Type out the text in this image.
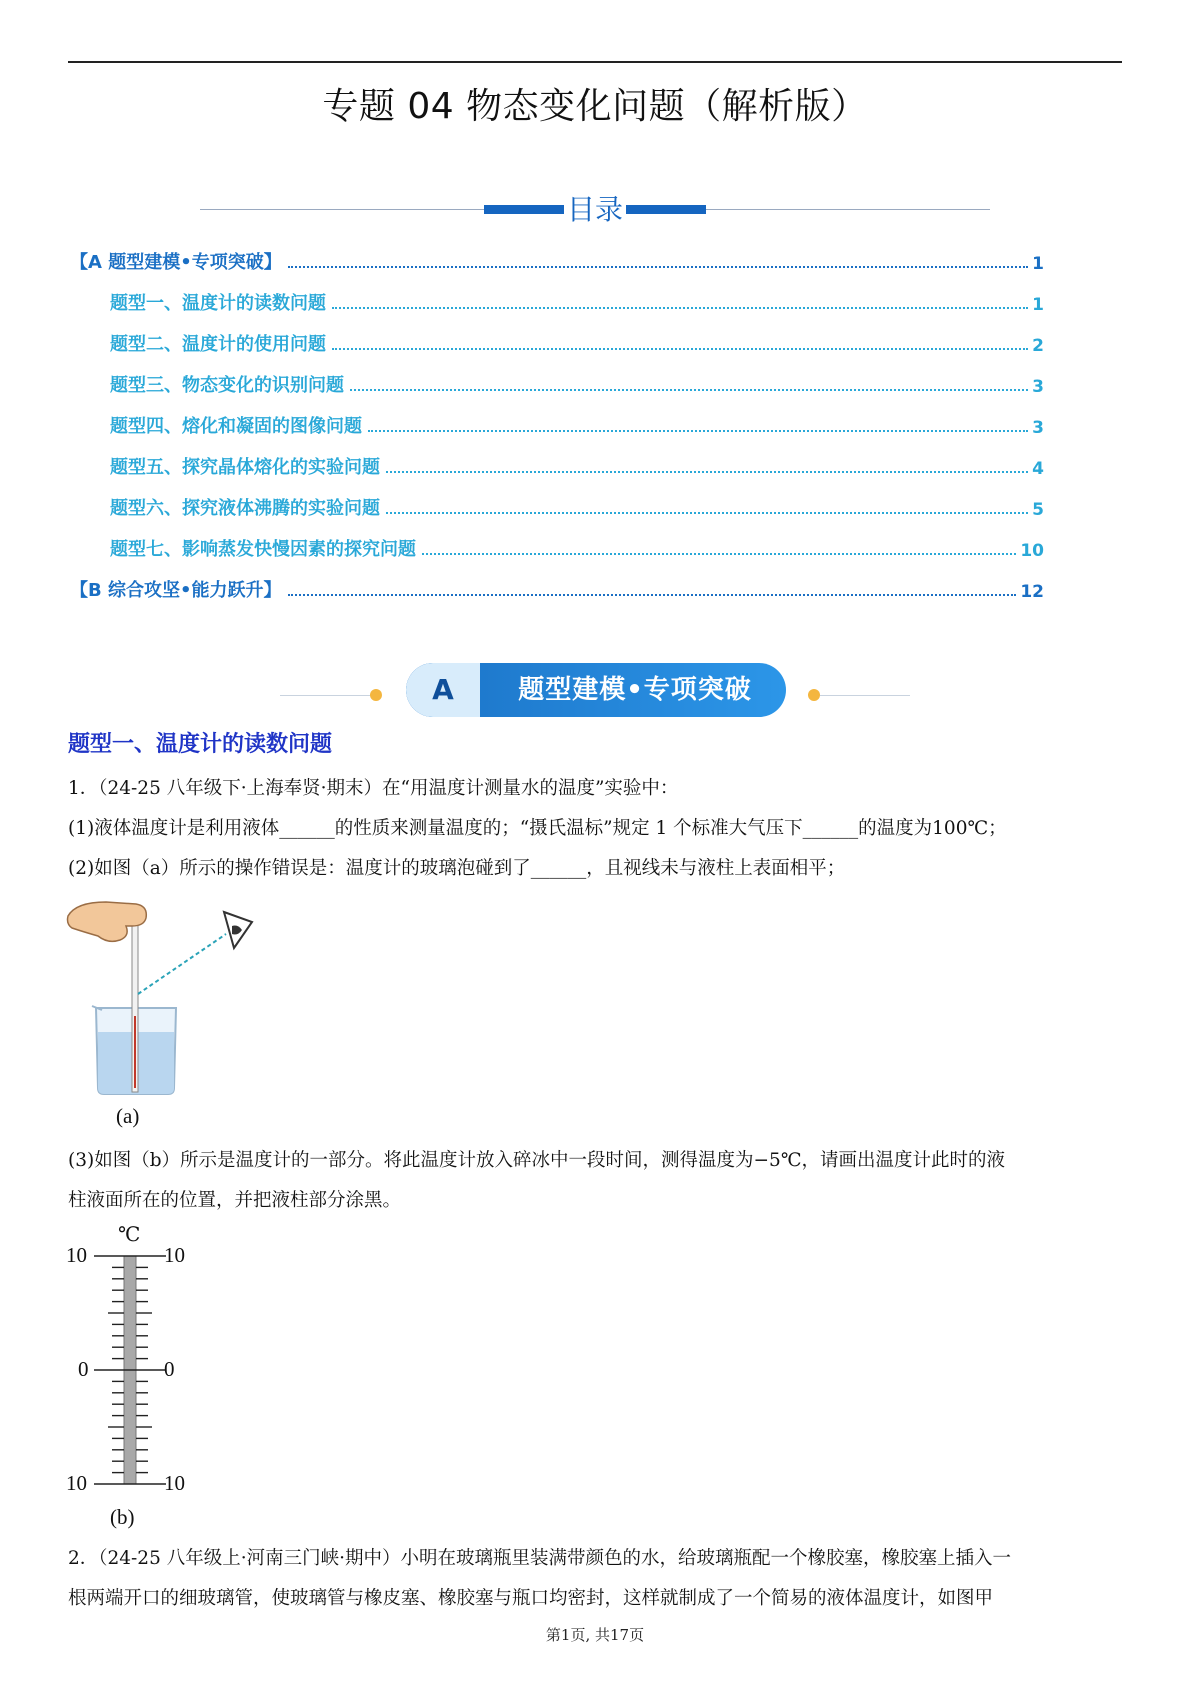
专题 04 物态变化问题（解析版）
目录
【A 题型建模•专项突破】	1
题型一、温度计的读数问题	1
题型二、温度计的使用问题	2
题型三、物态变化的识别问题	3
题型四、熔化和凝固的图像问题	3
题型五、探究晶体熔化的实验问题	4
题型六、探究液体沸腾的实验问题	5
题型七、影响蒸发快慢因素的探究问题	10
【B 综合攻坚•能力跃升】	12
A	题型建模•专项突破
题型一、温度计的读数问题
1．（24-25 八年级下·上海奉贤·期末）在“用温度计测量水的温度”实验中：
(1)液体温度计是利用液体______的性质来测量温度的；“摄氏温标”规定 1 个标准大气压下______的温度为100℃；
(2)如图（a）所示的操作错误是：温度计的玻璃泡碰到了______，且视线未与液柱上表面相平；
(a)
(3)如图（b）所示是温度计的一部分。将此温度计放入碎冰中一段时间，测得温度为−5℃，请画出温度计此时的液
柱液面所在的位置，并把液柱部分涂黑。
℃
10
0
10
10
0
10
(b)
2．（24-25 八年级上·河南三门峡·期中）小明在玻璃瓶里装满带颜色的水，给玻璃瓶配一个橡胶塞，橡胶塞上插入一
根两端开口的细玻璃管，使玻璃管与橡皮塞、橡胶塞与瓶口均密封，这样就制成了一个简易的液体温度计，如图甲
第1页, 共17页
